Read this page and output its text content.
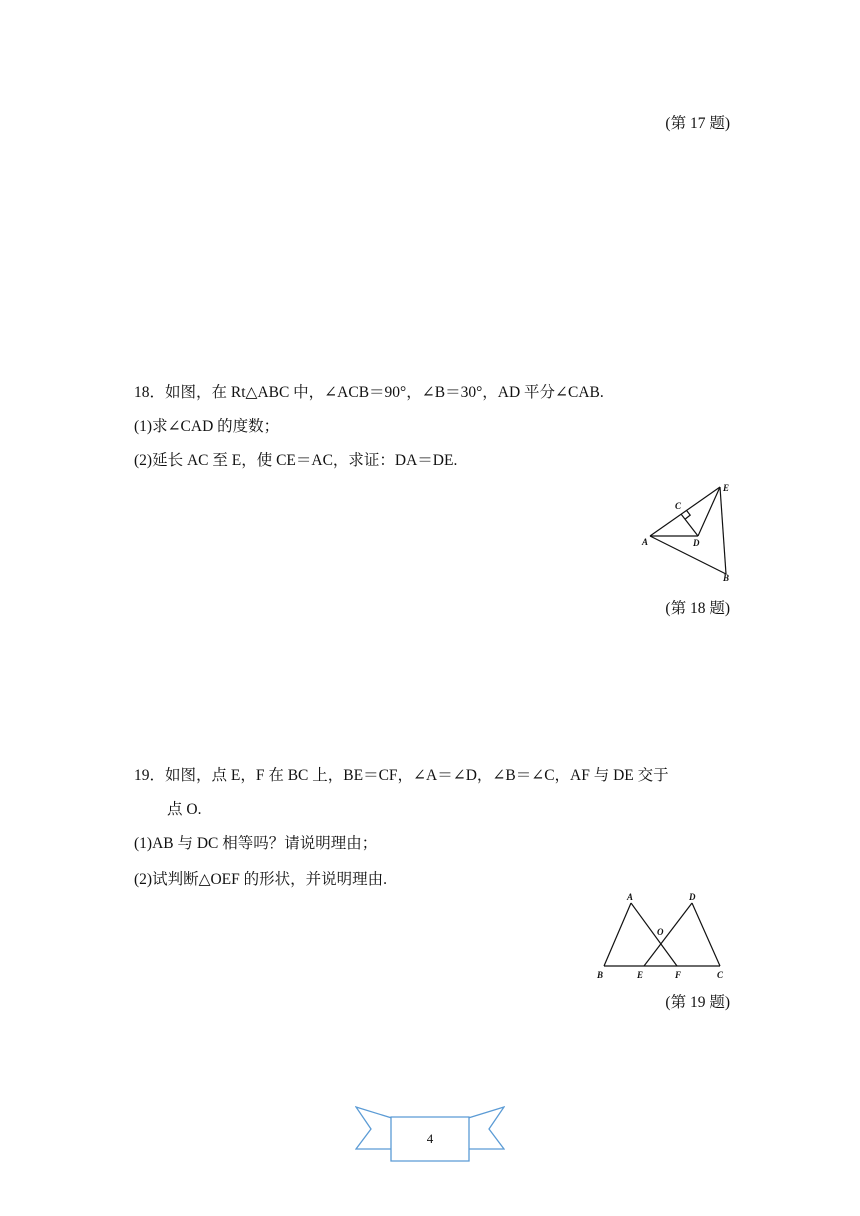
(第 17 题)
18．如图，在 Rt△ABC 中，∠ACB＝90°，∠B＝30°，AD 平分∠CAB.
(1)求∠CAD 的度数；
(2)延长 AC 至 E，使 CE＝AC，求证：DA＝DE.
C
E
A	D
B
(第 18 题)
19．如图，点 E，F 在 BC 上，BE＝CF，∠A＝∠D，∠B＝∠C，AF 与 DE 交于
点 O.
(1)AB 与 DC 相等吗？请说明理由；
(2)试判断△OEF 的形状，并说明理由.
A	D
O
B	E	F	C
(第 19 题)
4
